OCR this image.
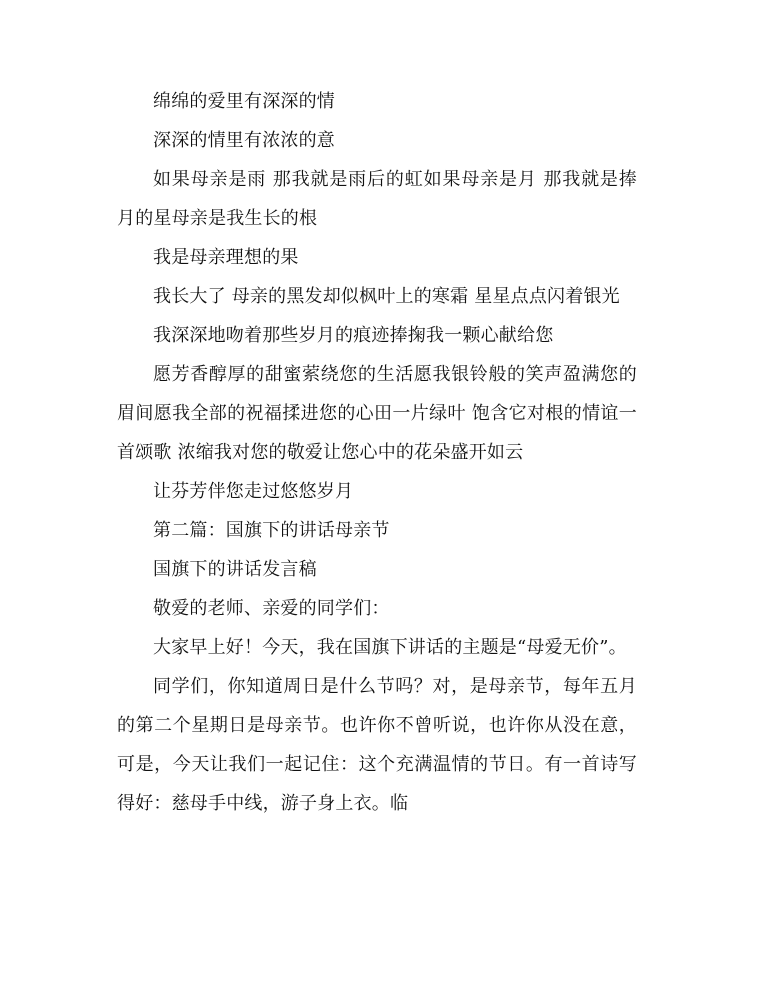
绵绵的爱里有深深的情

深深的情里有浓浓的意

如果母亲是雨 那我就是雨后的虹如果母亲是月 那我就是捧月的星母亲是我生长的根

我是母亲理想的果

我长大了 母亲的黑发却似枫叶上的寒霜 星星点点闪着银光

我深深地吻着那些岁月的痕迹捧掬我一颗心献给您

愿芳香醇厚的甜蜜萦绕您的生活愿我银铃般的笑声盈满您的眉间愿我全部的祝福揉进您的心田一片绿叶 饱含它对根的情谊一首颂歌 浓缩我对您的敬爱让您心中的花朵盛开如云

让芬芳伴您走过悠悠岁月

第二篇：国旗下的讲话母亲节

国旗下的讲话发言稿

敬爱的老师、亲爱的同学们：

大家早上好！今天，我在国旗下讲话的主题是“母爱无价”。

同学们，你知道周日是什么节吗？对，是母亲节，每年五月的第二个星期日是母亲节。也许你不曾听说，也许你从没在意，可是，今天让我们一起记住：这个充满温情的节日。有一首诗写得好：慈母手中线，游子身上衣。临
